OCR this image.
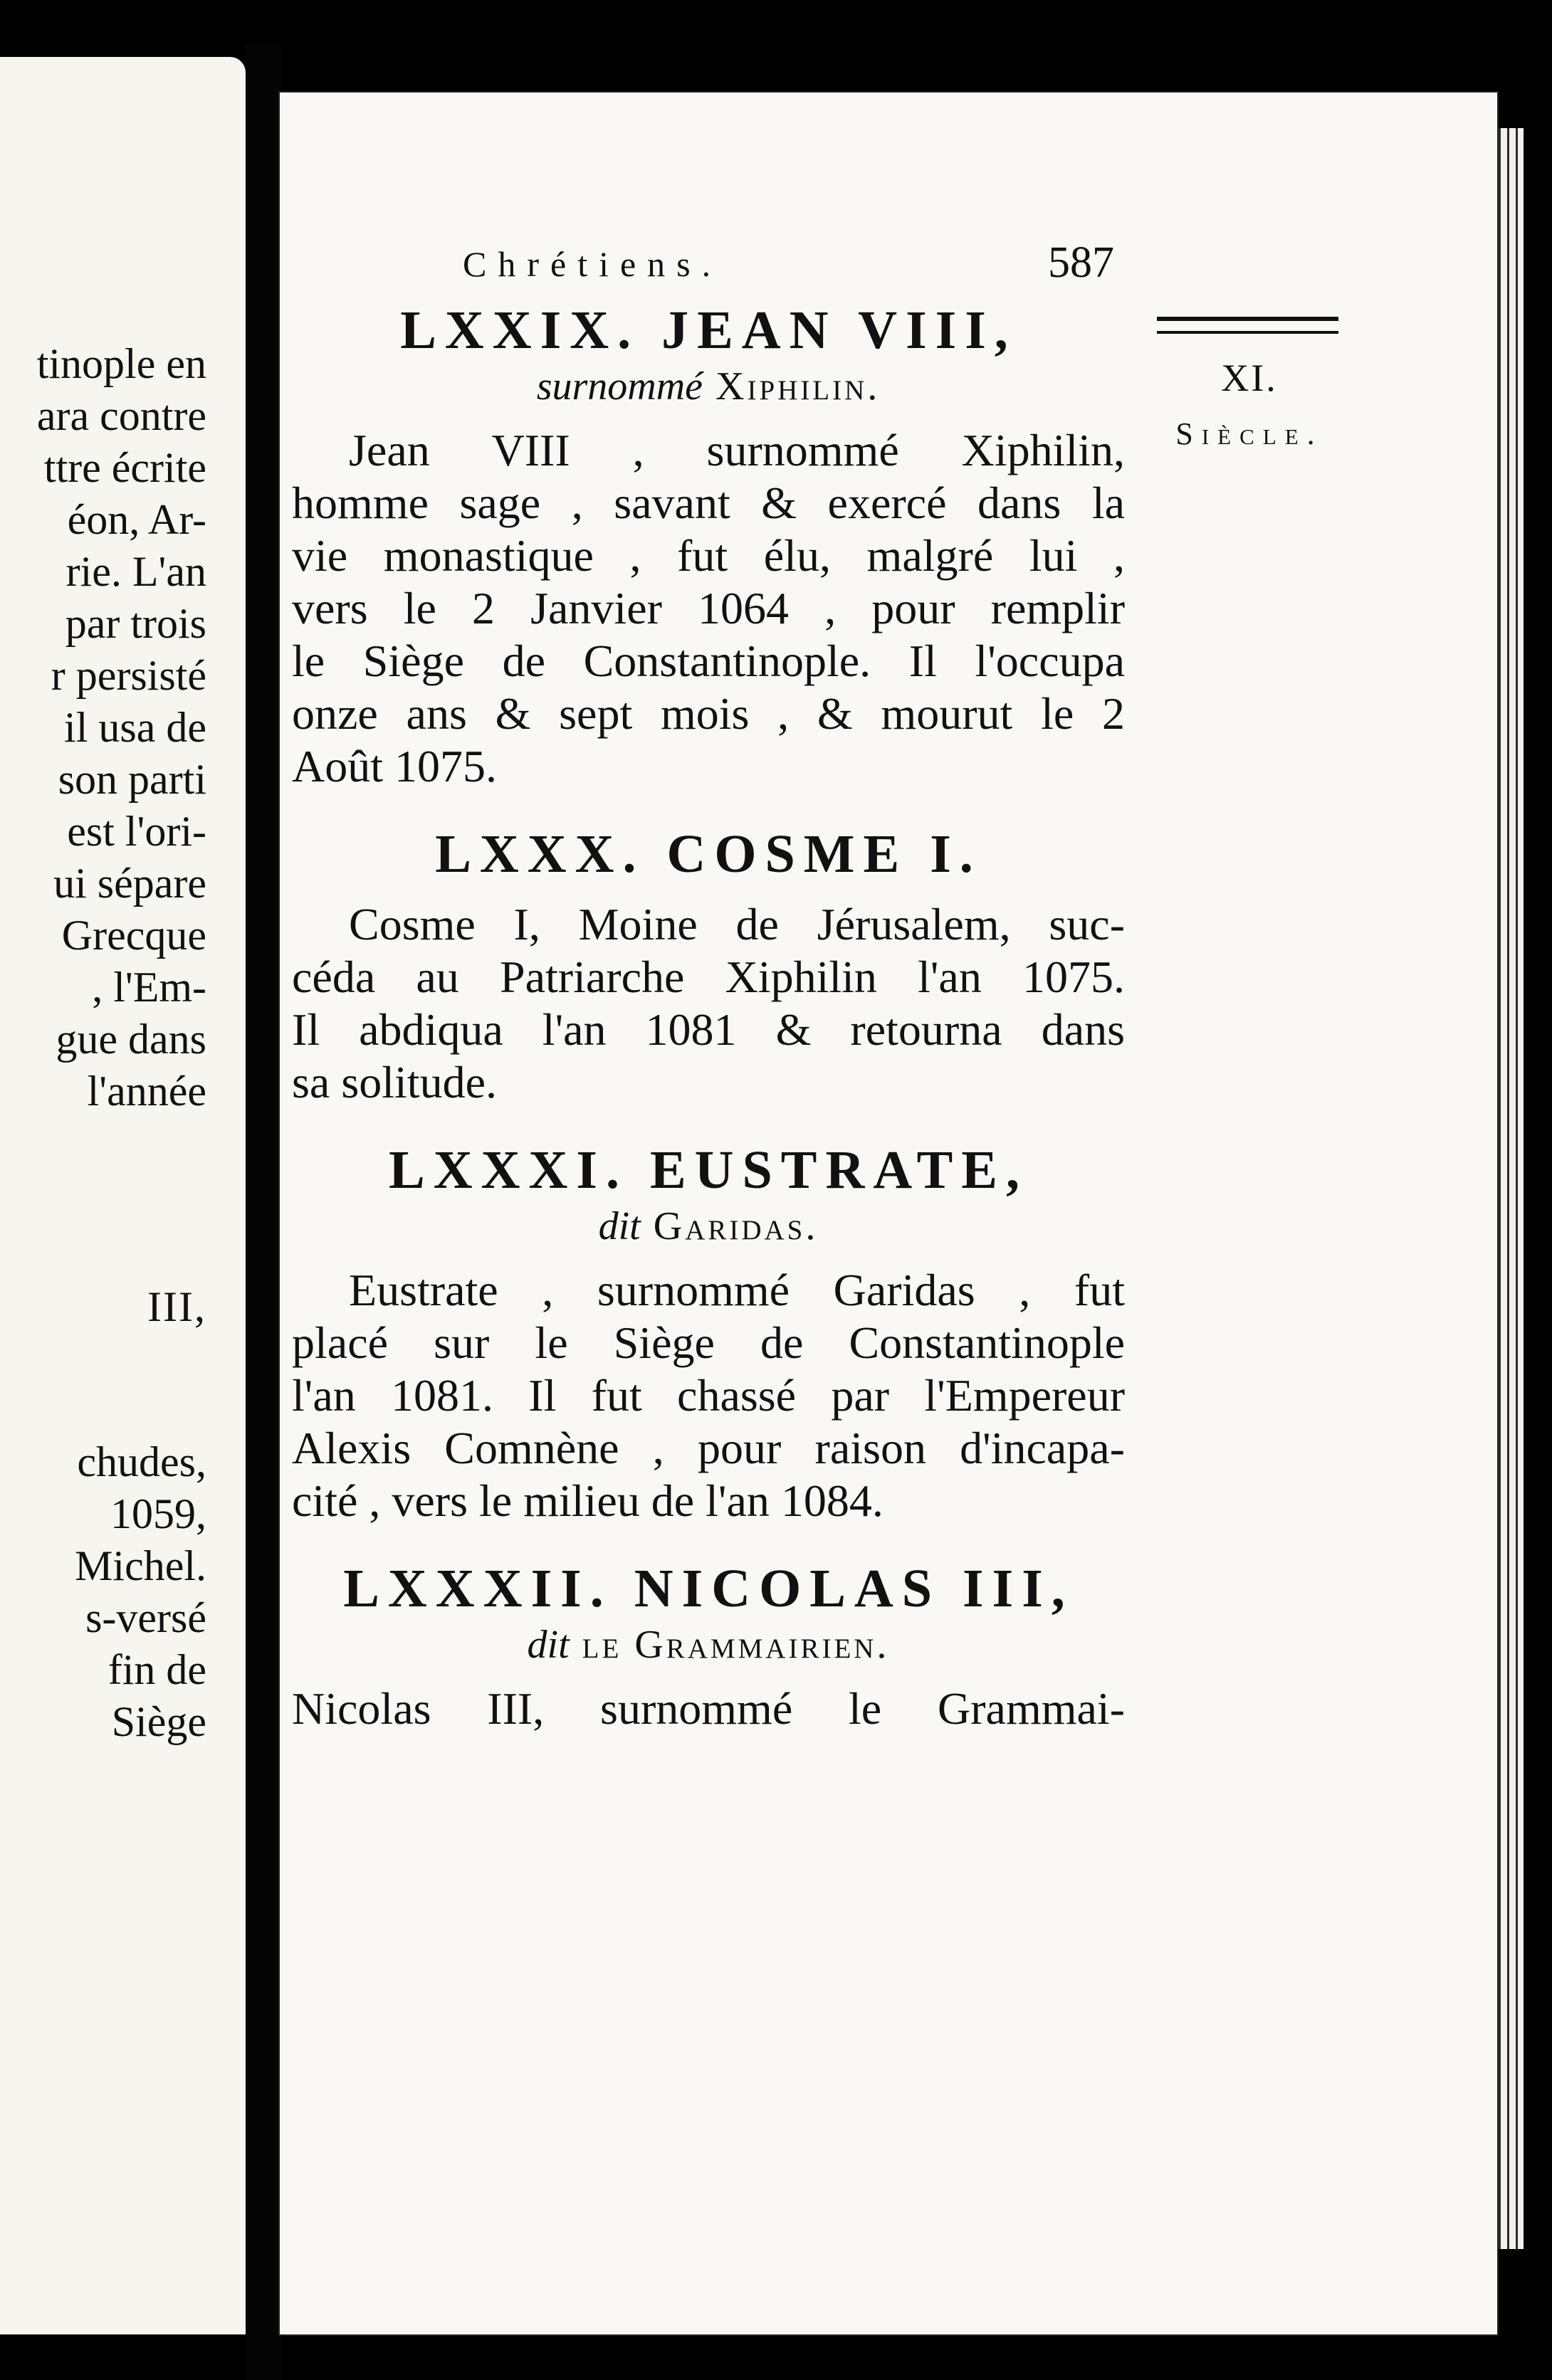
tinople en
ara contre
ttre écrite
éon, Ar-
rie. L'an
par trois
r persisté
il usa de
son parti
est l'ori-
ui sépare
Grecque
, l'Em-
gue dans
l'année
III,
chudes,
1059,
Michel.
s-versé
fin de
Siège
Chrétiens.	587
LXXIX. JEAN VIII,
surnommé Xiphilin.
Jean VIII , surnommé Xiphilin,
homme sage , savant & exercé dans la
vie monastique , fut élu, malgré lui ,
vers le 2 Janvier 1064 , pour remplir
le Siège de Constantinople. Il l'occupa
onze ans & sept mois , & mourut le 2
Août 1075.
LXXX. COSME I.
Cosme I, Moine de Jérusalem, suc-
céda au Patriarche Xiphilin l'an 1075.
Il abdiqua l'an 1081 & retourna dans
sa solitude.
LXXXI. EUSTRATE,
dit Garidas.
Eustrate , surnommé Garidas , fut
placé sur le Siège de Constantinople
l'an 1081. Il fut chassé par l'Empereur
Alexis Comnène , pour raison d'incapa-
cité , vers le milieu de l'an 1084.
LXXXII. NICOLAS III,
dit le Grammairien.
Nicolas III, surnommé le Grammai-
XI.
Siècle.
